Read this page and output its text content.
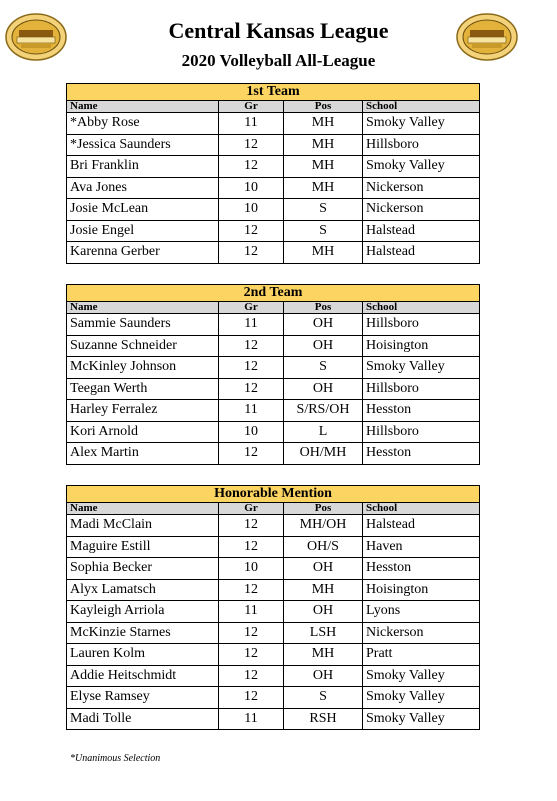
Central Kansas League
2020 Volleyball All-League
1st Team			
Name	Gr	Pos	School
*Abby Rose	11	MH	Smoky Valley
*Jessica Saunders	12	MH	Hillsboro
Bri Franklin	12	MH	Smoky Valley
Ava Jones	10	MH	Nickerson
Josie McLean	10	S	Nickerson
Josie Engel	12	S	Halstead
Karenna Gerber	12	MH	Halstead
2nd Team			
Name	Gr	Pos	School
Sammie Saunders	11	OH	Hillsboro
Suzanne Schneider	12	OH	Hoisington
McKinley Johnson	12	S	Smoky Valley
Teegan Werth	12	OH	Hillsboro
Harley Ferralez	11	S/RS/OH	Hesston
Kori Arnold	10	L	Hillsboro
Alex Martin	12	OH/MH	Hesston
Honorable Mention			
Name	Gr	Pos	School
Madi McClain	12	MH/OH	Halstead
Maguire Estill	12	OH/S	Haven
Sophia Becker	10	OH	Hesston
Alyx Lamatsch	12	MH	Hoisington
Kayleigh Arriola	11	OH	Lyons
McKinzie Starnes	12	LSH	Nickerson
Lauren Kolm	12	MH	Pratt
Addie Heitschmidt	12	OH	Smoky Valley
Elyse Ramsey	12	S	Smoky Valley
Madi Tolle	11	RSH	Smoky Valley
*Unanimous Selection
